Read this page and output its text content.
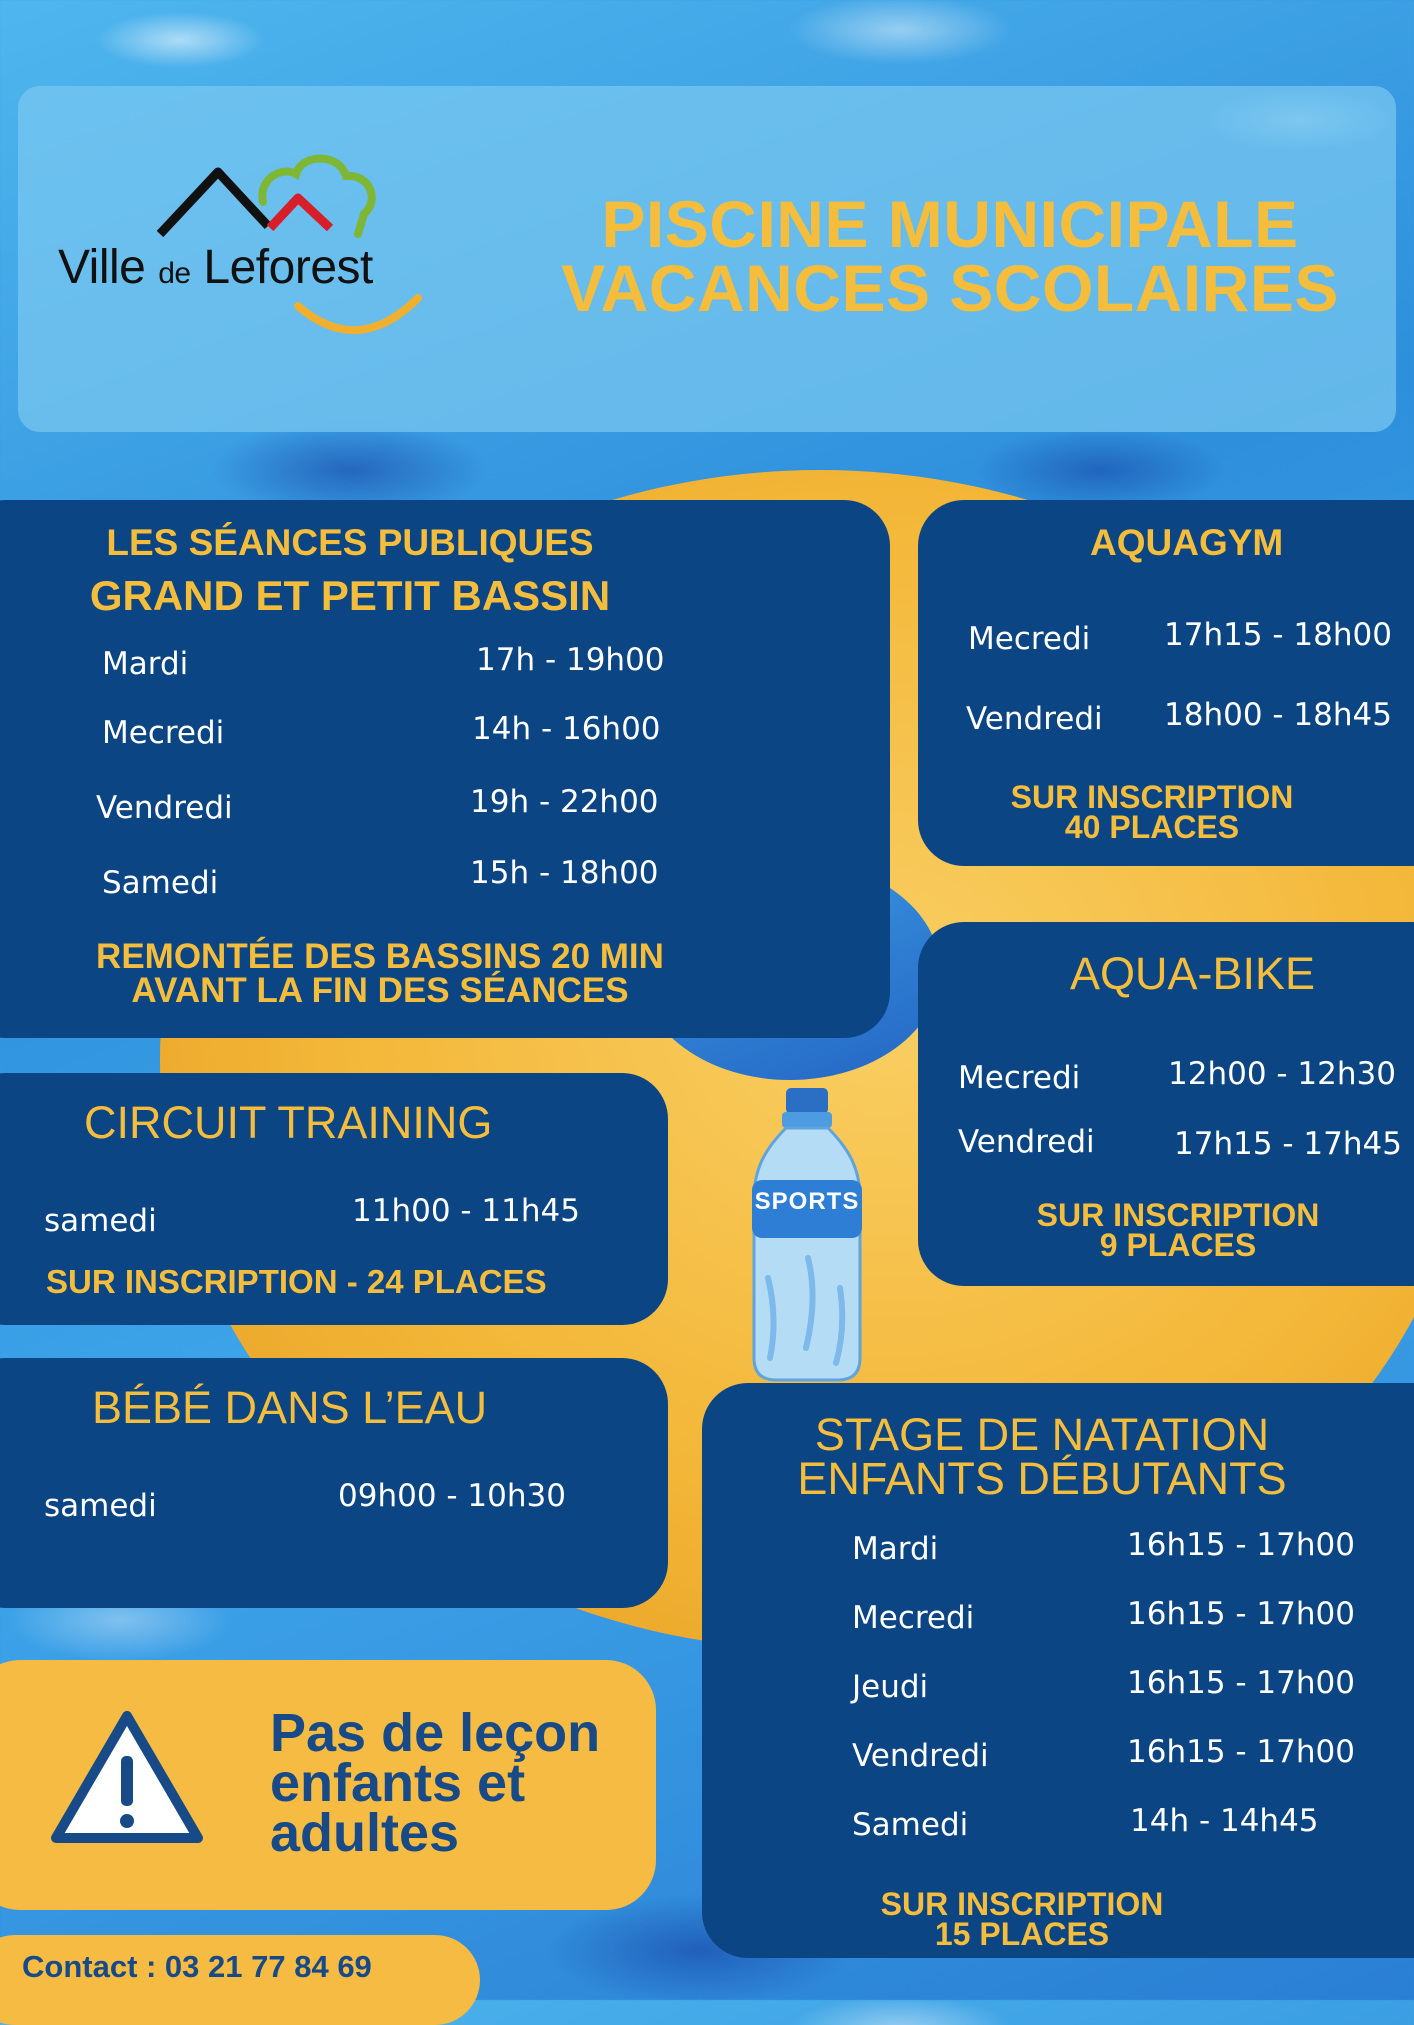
Ville de Leforest
PISCINE MUNICIPALE
VACANCES SCOLAIRES
LES SÉANCES PUBLIQUES
GRAND ET PETIT BASSIN
Mardi	17h - 19h00
Mecredi	14h - 16h00
Vendredi	19h - 22h00
Samedi	15h - 18h00
REMONTÉE DES BASSINS 20 MIN
AVANT LA FIN DES SÉANCES
AQUAGYM
Mecredi 17h15 - 18h00
Vendredi 18h00 - 18h45
SUR INSCRIPTION
40 PLACES
AQUA-BIKE
Mecredi	12h00 - 12h30
Vendredi	17h15 - 17h45
SUR INSCRIPTION
9 PLACES
CIRCUIT TRAINING
samedi	11h00 - 11h45
SUR INSCRIPTION - 24 PLACES
BÉBÉ DANS L’EAU
samedi	09h00 - 10h30
SPORTS
STAGE DE NATATION
ENFANTS DÉBUTANTS
Mardi	16h15 - 17h00
Mecredi	16h15 - 17h00
Jeudi	16h15 - 17h00
Vendredi	16h15 - 17h00
Samedi	14h - 14h45
SUR INSCRIPTION
15 PLACES
Pas de leçon
enfants et
adultes
Contact : 03 21 77 84 69
